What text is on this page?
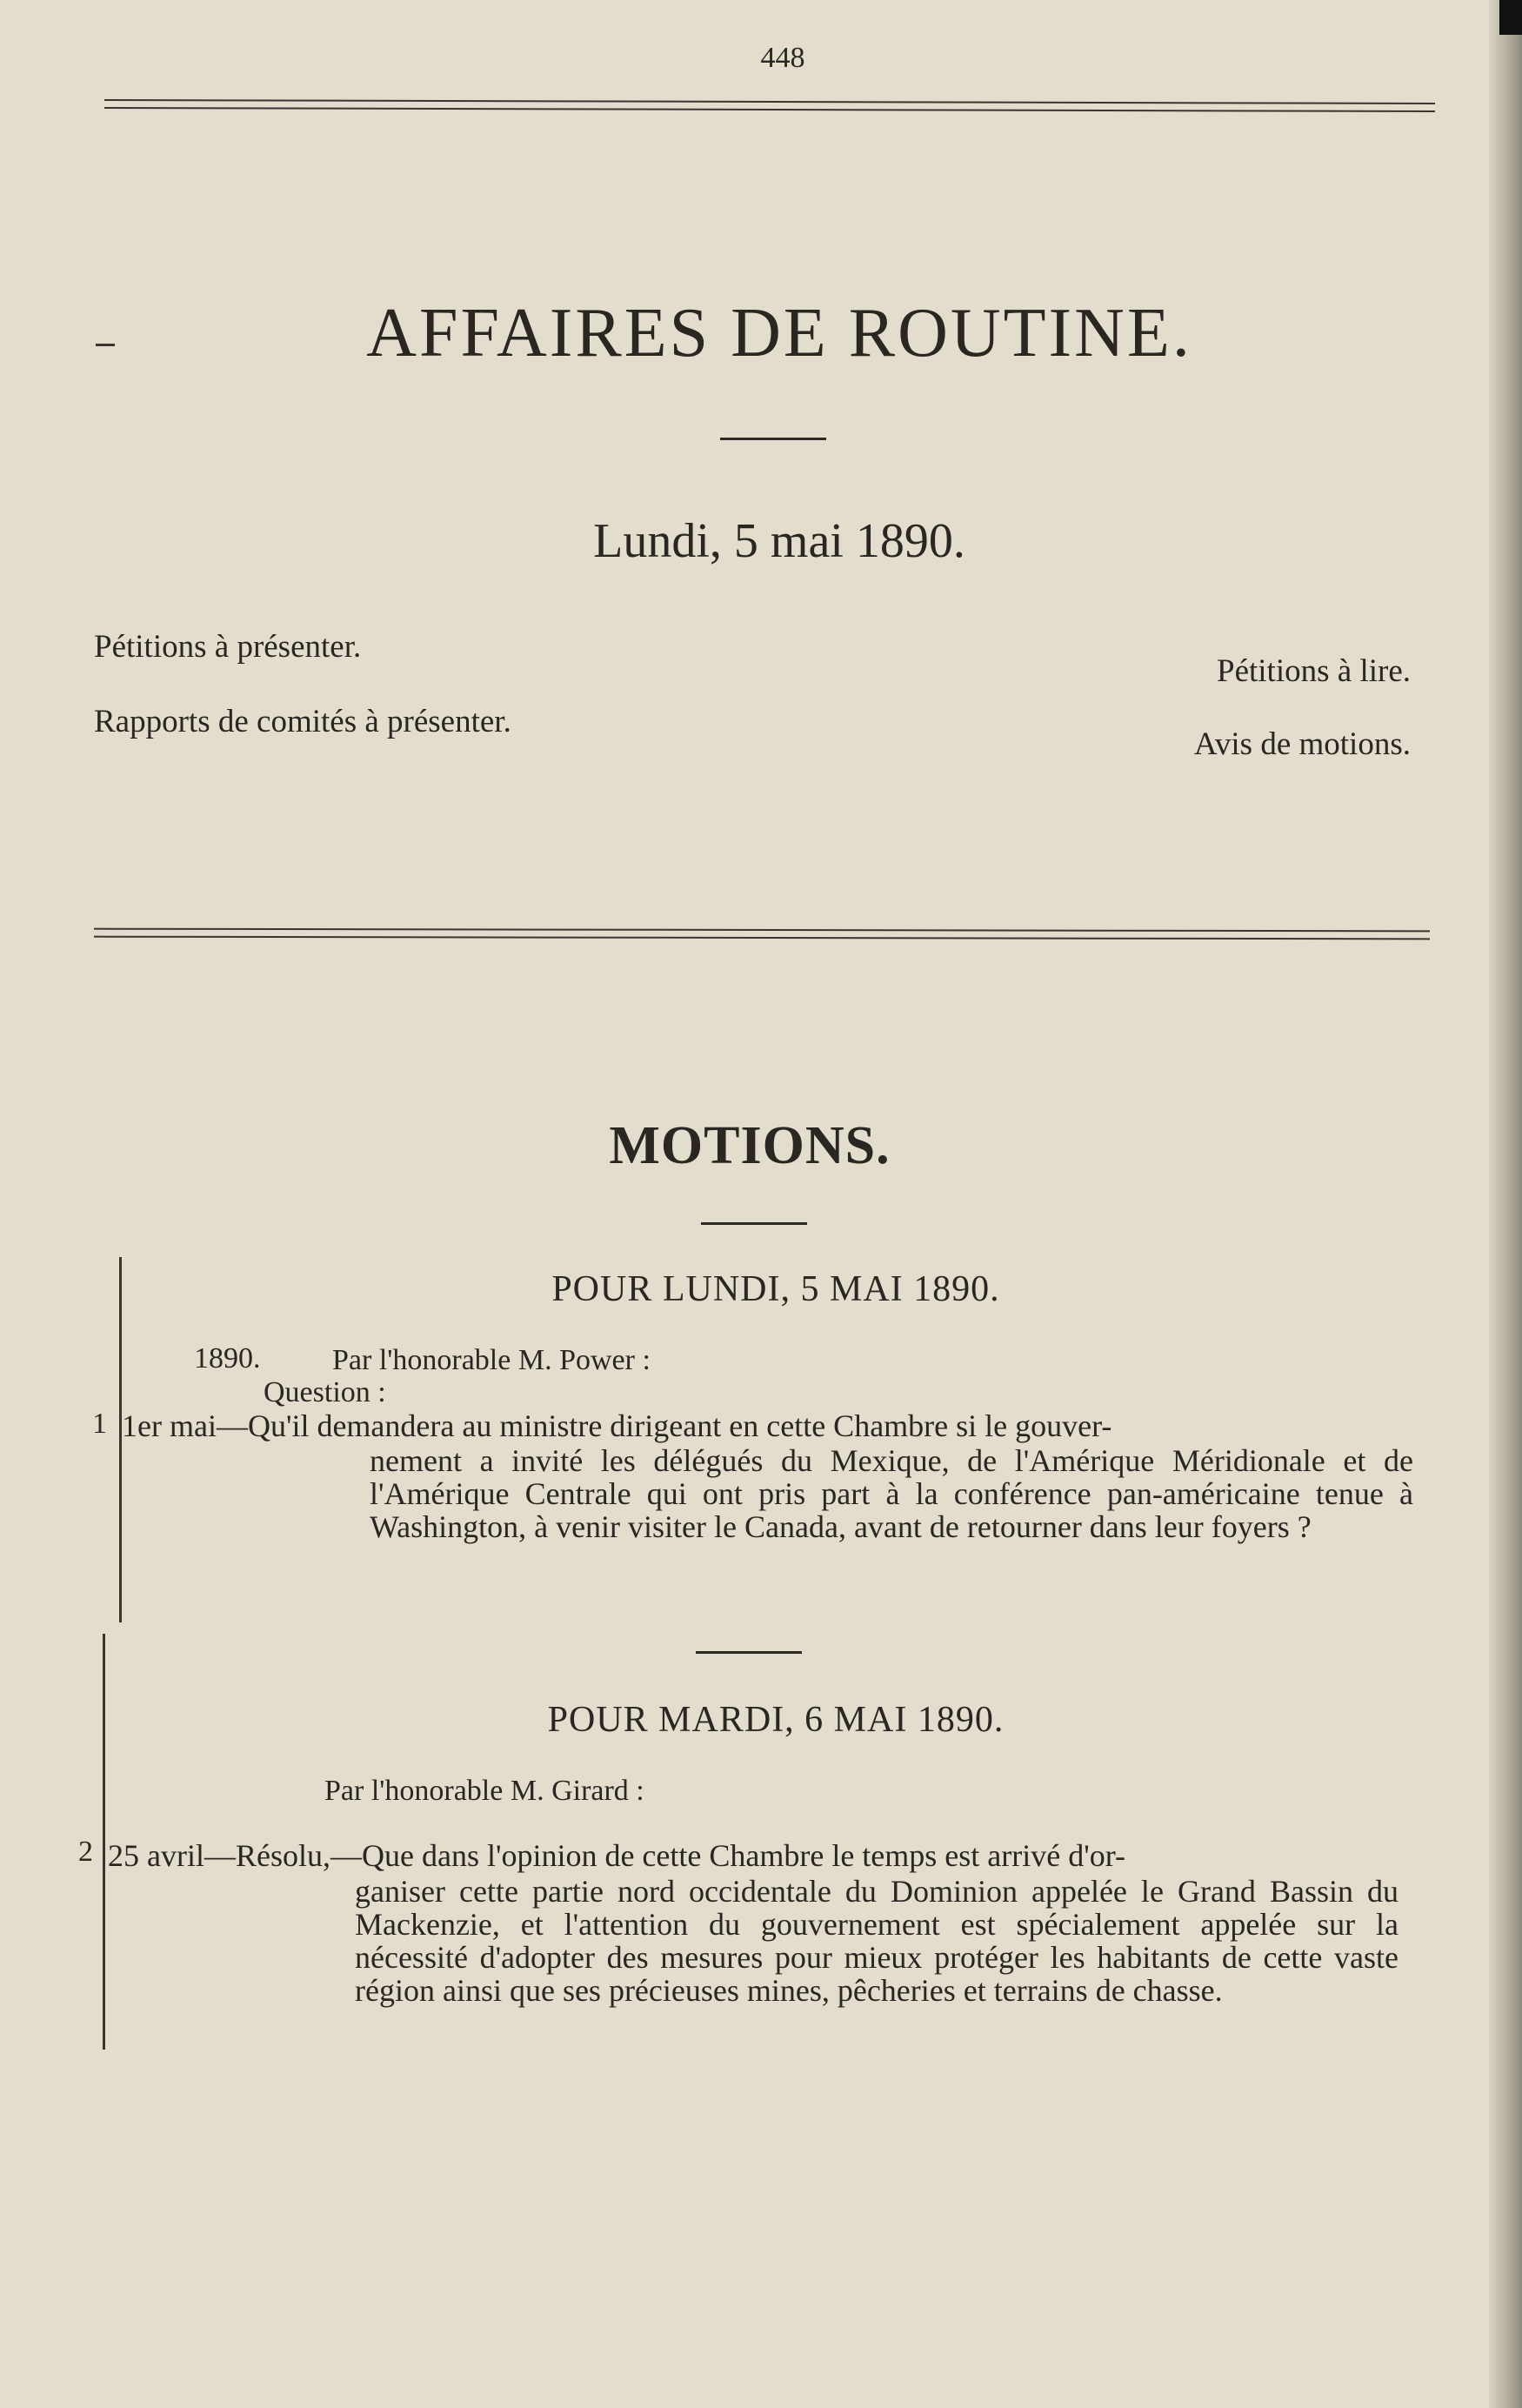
448
AFFAIRES DE ROUTINE.
Lundi, 5 mai 1890.
Pétitions à présenter.
Rapports de comités à présenter.
Pétitions à lire.
Avis de motions.
MOTIONS.
POUR LUNDI, 5 MAI 1890.
1890. Par l'honorable M. Power :
Question :
1 1er mai—Qu'il demandera au ministre dirigeant en cette Chambre si le gouver-
nement a invité les délégués du Mexique, de l'Amérique Méridionale et de l'Amérique Centrale qui ont pris part à la conférence pan-américaine tenue à Washington, à venir visiter le Canada, avant de retourner dans leur foyers ?
POUR MARDI, 6 MAI 1890.
Par l'honorable M. Girard :
2 25 avril—Résolu,—Que dans l'opinion de cette Chambre le temps est arrivé d'or-
ganiser cette partie nord occidentale du Dominion appelée le Grand Bassin du Mackenzie, et l'attention du gouvernement est spécialement appelée sur la nécessité d'adopter des mesures pour mieux protéger les habitants de cette vaste région ainsi que ses précieuses mines, pêcheries et terrains de chasse.
